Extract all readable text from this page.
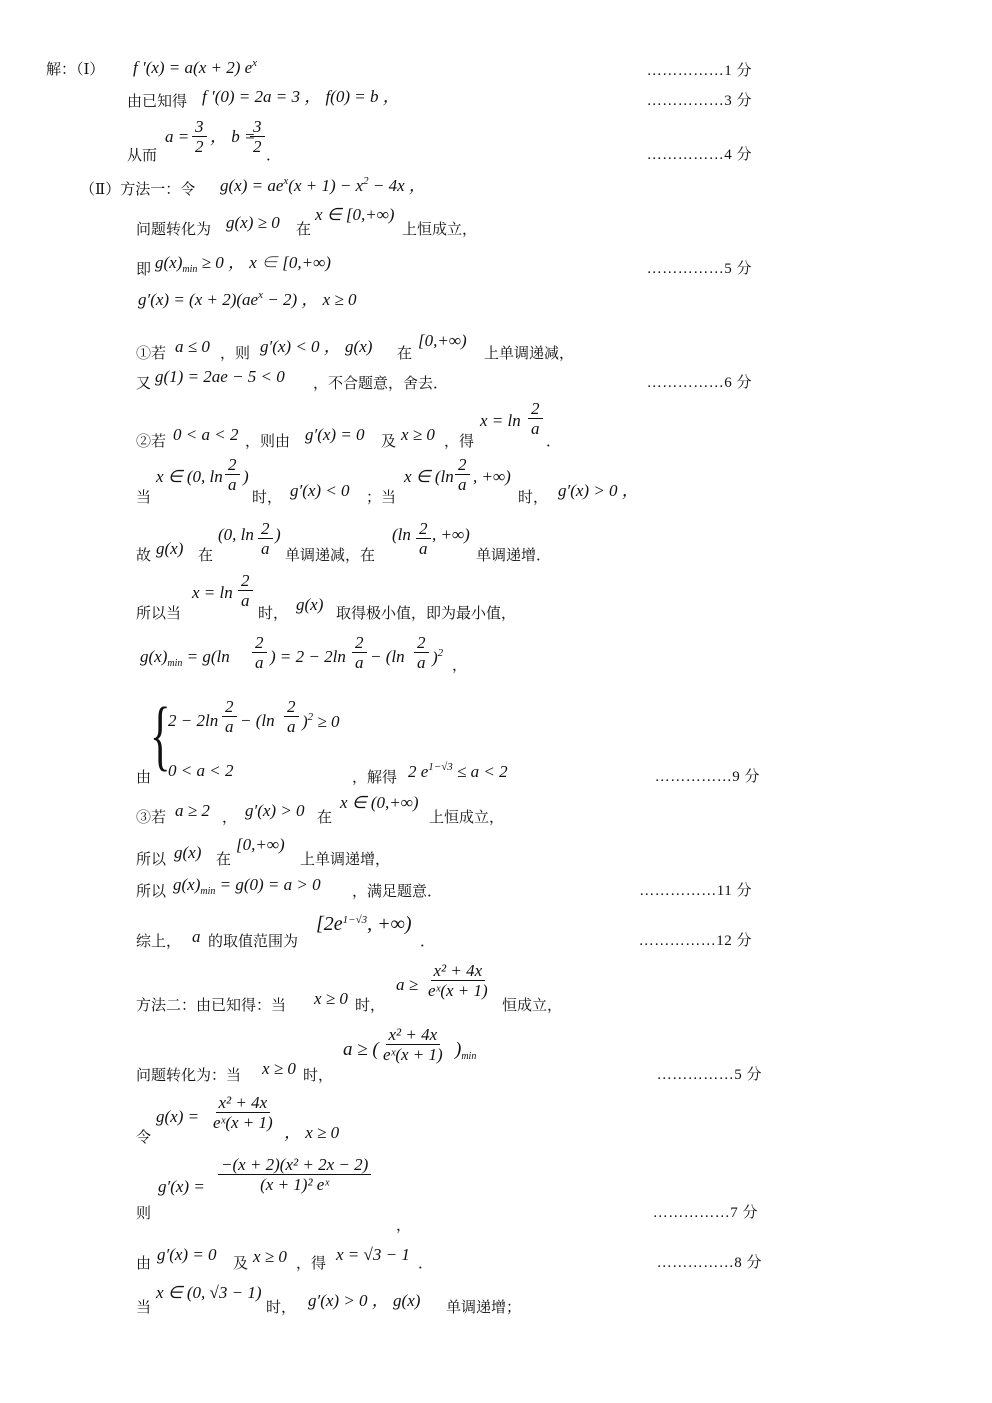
解：（Ⅰ） f ′(x) = a(x + 2) $e^x$	……………1 分
由已知得 f ′(0) = 2a = 3 ， f(0) = b ，	……………3 分
从而
$a = \frac{3}{2}$ ， b =
$\frac{3}{2}$ ．	……………4 分
（Ⅱ）方法一：令 $g(x) = ae^x(x + 1) - x^2 - 4x$ ，
问题转化为 g(x) ≥ 0 在
x ∈ [0,+∞)
上恒成立，
即 $g(x)_{min} \ge 0$ ， x ∈ [0,+∞)	……………5 分
$g'(x) = (x + 2)(ae^x - 2)$ ， x ≥ 0
①若 a ≤ 0 ，则 g′(x) < 0 ， g(x) 在
[0,+∞)
上单调递减，
又 g(1) = 2ae − 5 < 0 ，不合题意，舍去．	……………6 分
②若 0 < a < 2 ，则由 g′(x) = 0 及 x ≥ 0 ，得
$x = \ln \frac{2}{a}$
．
当
x ∈ (0, $\ln \frac{2}{a}$ )
时， g′(x) < 0 ；当
x ∈ ($\ln \frac{2}{a}$ , +∞)
时， g′(x) > 0 ，
故 g(x) 在
(0, $\ln \frac{2}{a}$ )
单调递减，在
($\ln \frac{2}{a}$ , +∞)
单调递增．
所以当
$x = \ln \frac{2}{a}$
时， g(x) 取得极小值，即为最小值，
$g(x)_{min} = g(\ln \frac{2}{a}$ ) = $2 - 2\ln \frac{2}{a} - (\ln \frac{2}{a} )^2$
，
{
$2 - 2\ln \frac{2}{a} - (\ln \frac{2}{a} )^2 \ge 0$
由 0 < a < 2	，解得 2 $e^{1-√3} \le a < 2$	……………9 分
③若 a ≥ 2 ， g′(x) > 0 在
x ∈ (0,+∞)
上恒成立，
所以 g(x) 在
[0,+∞)
上单调递增，
所以 $g(x)_{min} = g(0) = a > 0$ ，满足题意．	……………11 分
综上， a 的取值范围为
[$2e^{1-√3}$, +∞)
．	……………12 分
方法二：由已知得：当 x ≥ 0 时，
$a \ge \frac{\text{x² + 4x}}{\text{eˣ(x + 1)}}$
恒成立，
问题转化为：当 x ≥ 0 时，
a ≥ ( $\frac{\text{x² + 4x}}{\text{eˣ(x + 1)}} )_{min}$
……………5 分
令
$g(x) = \frac{\text{x² + 4x}}{\text{eˣ(x + 1)}}$
， x ≥ 0
则
$g'(x) = \frac{\text{−(x + 2)(x² + 2x − 2)}}{\text{(x + 1)² eˣ}}$
，
……………7 分
由 g′(x) = 0 及 x ≥ 0 ，得 x = √3 − 1 ．	……………8 分
当
x ∈ (0, √3 − 1)
时， g′(x) > 0 ， g(x) 单调递增；
